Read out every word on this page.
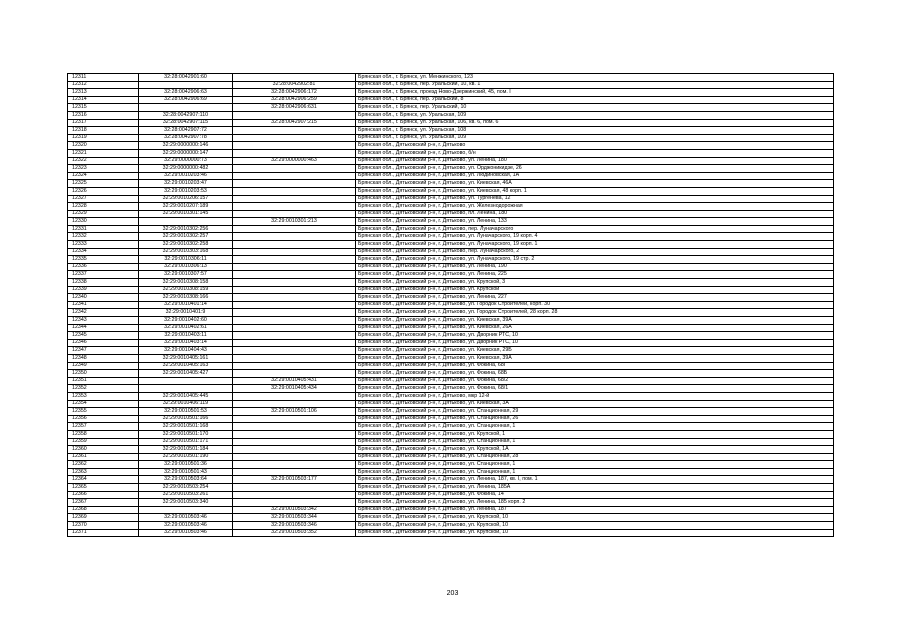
12311	32:28:0042901:60		Брянская обл., г. Брянск, ул. Менжинского, 123
12312		32:28:0042902:81	Брянская обл., г. Брянск, пер. Уральский, 10, кв. 1
12313	32:28:0042906:63	32:28:0042906:172	Брянская обл., г. Брянск, проезд Ново-Дзержинский, 45, пом. I
12314	32:28:0042906:69	32:28:0042906:259	Брянская обл., г. Брянск, пер. Уральский, 8
12315		32:28:0042906:631	Брянская обл., г. Брянск, пер. Уральский, 10
12316	32:28:0042907:110		Брянская обл., г. Брянск, ул. Уральская, 109
12317	32:28:0042907:115	32:28:0042907:215	Брянская обл., г. Брянск, ул. Уральская, 106, кв. 6, пом. 6
12318	32:28:0042907:72		Брянская обл., г. Брянск, ул. Уральская, 108
12319	32:28:0042907:78		Брянская обл., г. Брянск, ул. Уральская, 109
12320	32:29:0000000:146		Брянская обл., Дятьковский р-н, г. Дятьково
12321	32:29:0000000:147		Брянская обл., Дятьковский р-н, г. Дятьково, б/н
12322	32:29:0000000:73	32:29:0000000:463	Брянская обл., Дятьковский р-н, г. Дятьково, ул. Ленина, 180
12323	32:29:0000000:482		Брянская обл., Дятьковский р-н, г. Дятьково, ул. Орджоникидзе, 26
12324	32:29:0010203:46		Брянская обл., Дятьковский р-н, г. Дятьково, ул. Людиновская, 1А
12325	32:29:0010203:47		Брянская обл., Дятьковский р-н, г. Дятьково, ул. Киевская, 46А
12326	32:29:0010203:53		Брянская обл., Дятьковский р-н, г. Дятьково, ул. Киевская, 48 корп. 1
12327	32:29:0010206:157		Брянская обл., Дятьковский р-н, г. Дятьково, ул. Тургенева, 12
12328	32:29:0010207:189		Брянская обл., Дятьковский р-н, г. Дятьково, ул. Железнодорожная
12329	32:29:0010301:145		Брянская обл., Дятьковский р-н, г. Дятьково, пл. Ленина, 180
12330		32:29:0010301:213	Брянская обл., Дятьковский р-н, г. Дятьково, ул. Ленина, 133
12331	32:29:0010302:256		Брянская обл., Дятьковский р-н, г. Дятьково, пер. Луначарского
12332	32:29:0010302:257		Брянская обл., Дятьковский р-н, г. Дятьково, ул. Луначарского, 19 корп. 4
12333	32:29:0010302:258		Брянская обл., Дятьковский р-н, г. Дятьково, ул. Луначарского, 19 корп. 1
12334	32:29:0010303:168		Брянская обл., Дятьковский р-н, г. Дятьково, пер. Луначарского, 2
12335	32:29:0010306:11		Брянская обл., Дятьковский р-н, г. Дятьково, ул. Луначарского, 19 стр. 2
12336	32:29:0010306:13		Брянская обл., Дятьковский р-н, г. Дятьково, ул. Ленина, 190
12337	32:29:0010307:57		Брянская обл., Дятьковский р-н, г. Дятьково, ул. Ленина, 225
12338	32:29:0010308:158		Брянская обл., Дятьковский р-н, г. Дятьково, ул. Крупской, 3
12339	32:29:0010308:159		Брянская обл., Дятьковский р-н, г. Дятьково, ул. Крупской
12340	32:29:0010308:166		Брянская обл., Дятьковский р-н, г. Дятьково, ул. Ленина, 227
12341	32:29:0010401:14		Брянская обл., Дятьковский р-н, г. Дятьково, ул. Городок Строителей, корп. 30
12342	32:29:0010401:9		Брянская обл., Дятьковский р-н, г. Дятьково, ул. Городок Строителей, 28 корп. 28
12343	32:29:0010402:60		Брянская обл., Дятьковский р-н, г. Дятьково, ул. Киевская, 39А
12344	32:29:0010402:61		Брянская обл., Дятьковский р-н, г. Дятьково, ул. Киевская, 26А
12345	32:29:0010403:11		Брянская обл., Дятьковский р-н, г. Дятьково, ул. Дворник РТС, 10
12346	32:29:0010403:14		Брянская обл., Дятьковский р-н, г. Дятьково, ул. Дворник РТС, 10
12347	32:29:0010404:43		Брянская обл., Дятьковский р-н, г. Дятьково, ул. Киевская, 29Б
12348	32:29:0010405:161		Брянская обл., Дятьковский р-н, г. Дятьково, ул. Киевская, 39А
12349	32:29:0010405:163		Брянская обл., Дятьковский р-н, г. Дятьково, ул. Фокина, 68Г
12350	32:29:0010405:427		Брянская обл., Дятьковский р-н, г. Дятьково, ул. Фокина, 68Б
12351		32:29:0010405:431	Брянская обл., Дятьковский р-н, г. Дятьково, ул. Фокина, 68/2
12352		32:29:0010405:434	Брянская обл., Дятьковский р-н, г. Дятьково, ул. Фокина, 68/1
12353	32:29:0010405:445		Брянская обл., Дятьковский р-н, г. Дятьково, мкр 12-й
12354	32:29:0010406:119		Брянская обл., Дятьковский р-н, г. Дятьково, ул. Киевская, 3А
12355	32:29:0010501:53	32:29:0010501:106	Брянская обл., Дятьковский р-н, г. Дятьково, ул. Станционная, 29
12356	32:29:0010501:166		Брянская обл., Дятьковский р-н, г. Дятьково, ул. Станционная, 26
12357	32:29:0010501:168		Брянская обл., Дятьковский р-н, г. Дятьково, ул. Станционная, 1
12358	32:29:0010501:170		Брянская обл., Дятьковский р-н, г. Дятьково, ул. Крупской, 1
12359	32:29:0010501:171		Брянская обл., Дятьковский р-н, г. Дятьково, ул. Станционная, 1
12360	32:29:0010501:184		Брянская обл., Дятьковский р-н, г. Дятьково, ул. Крупской, 1А
12361	32:29:0010501:190		Брянская обл., Дятьковский р-н, г. Дятьково, ул. Станционная, 28
12362	32:29:0010501:36		Брянская обл., Дятьковский р-н, г. Дятьково, ул. Станционная, 1
12363	32:29:0010501:43		Брянская обл., Дятьковский р-н, г. Дятьково, ул. Станционная, 1
12364	32:29:0010503:64	32:29:0010503:177	Брянская обл., Дятьковский р-н, г. Дятьково, ул. Ленина, 187, кв. I, пом. 1
12365	32:29:0010503:254		Брянская обл., Дятьковский р-н, г. Дятьково, ул. Ленина, 185А
12366	32:29:0010503:261		Брянская обл., Дятьковский р-н, г. Дятьково, ул. Фокина, 14
12367	32:29:0010503:340		Брянская обл., Дятьковский р-н, г. Дятьково, ул. Ленина, 185 корп. 2
12368		32:29:0010503:342	Брянская обл., Дятьковский р-н, г. Дятьково, ул. Ленина, 187
12369	32:29:0010503:46	32:29:0010503:344	Брянская обл., Дятьковский р-н, г. Дятьково, ул. Крупской, 10
12370	32:29:0010503:46	32:29:0010503:346	Брянская обл., Дятьковский р-н, г. Дятьково, ул. Крупской, 10
12371	32:29:0010503:46	32:29:0010503:352	Брянская обл., Дятьковский р-н, г. Дятьково, ул. Крупской, 10
203
